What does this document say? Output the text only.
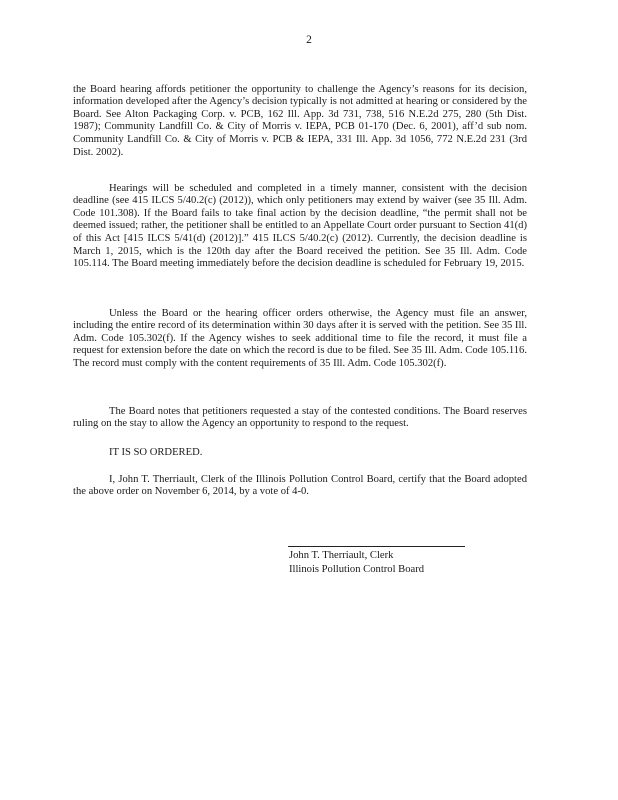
2

the Board hearing affords petitioner the opportunity to challenge the Agency’s reasons for its decision, information developed after the Agency’s decision typically is not admitted at hearing or considered by the Board. See Alton Packaging Corp. v. PCB, 162 Ill. App. 3d 731, 738, 516 N.E.2d 275, 280 (5th Dist. 1987); Community Landfill Co. & City of Morris v. IEPA, PCB 01-170 (Dec. 6, 2001), aff’d sub nom. Community Landfill Co. & City of Morris v. PCB & IEPA, 331 Ill. App. 3d 1056, 772 N.E.2d 231 (3rd Dist. 2002).

Hearings will be scheduled and completed in a timely manner, consistent with the decision deadline (see 415 ILCS 5/40.2(c) (2012)), which only petitioners may extend by waiver (see 35 Ill. Adm. Code 101.308). If the Board fails to take final action by the decision deadline, “the permit shall not be deemed issued; rather, the petitioner shall be entitled to an Appellate Court order pursuant to Section 41(d) of this Act [415 ILCS 5/41(d) (2012)].” 415 ILCS 5/40.2(c) (2012). Currently, the decision deadline is March 1, 2015, which is the 120th day after the Board received the petition. See 35 Ill. Adm. Code 105.114. The Board meeting immediately before the decision deadline is scheduled for February 19, 2015.

Unless the Board or the hearing officer orders otherwise, the Agency must file an answer, including the entire record of its determination within 30 days after it is served with the petition. See 35 Ill. Adm. Code 105.302(f). If the Agency wishes to seek additional time to file the record, it must file a request for extension before the date on which the record is due to be filed. See 35 Ill. Adm. Code 105.116. The record must comply with the content requirements of 35 Ill. Adm. Code 105.302(f).

The Board notes that petitioners requested a stay of the contested conditions. The Board reserves ruling on the stay to allow the Agency an opportunity to respond to the request.

IT IS SO ORDERED.

I, John T. Therriault, Clerk of the Illinois Pollution Control Board, certify that the Board adopted the above order on November 6, 2014, by a vote of 4-0.

John T. Therriault, Clerk
Illinois Pollution Control Board
